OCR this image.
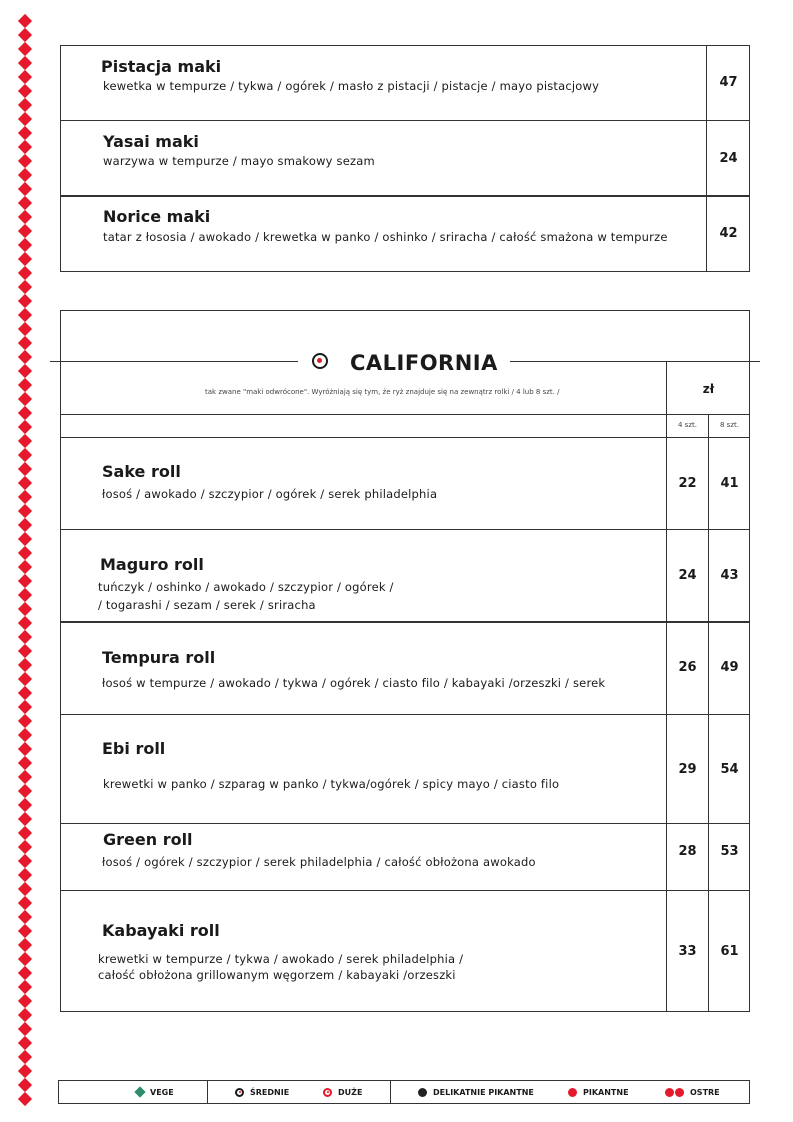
Pistacja maki
kewetka w tempurze / tykwa / ogórek / masło z pistacji / pistacje / mayo pistacjowy	47
Yasai maki
warzywa w tempurze / mayo smakowy sezam	24
Norice maki
tatar z łososia / awokado / krewetka w panko / oshinko / sriracha / całość smażona w tempurze	42
CALIFORNIA
tak zwane "maki odwrócone". Wyróżniają się tym, że ryż znajduje się na zewnątrz rolki / 4 lub 8 szt. /	zł
4 szt.	8 szt.
Sake roll
łosoś / awokado / szczypior / ogórek / serek philadelphia
22	41
Maguro roll
tuńczyk / oshinko / awokado / szczypior / ogórek /
/ togarashi / sezam / serek / sriracha
24	43
Tempura roll
łosoś w tempurze / awokado / tykwa / ogórek / ciasto filo / kabayaki /orzeszki / serek
26	49
Ebi roll
krewetki w panko / szparag w panko / tykwa/ogórek / spicy mayo / ciasto filo
29	54
Green roll
łosoś / ogórek / szczypior / serek philadelphia / całość obłożona awokado
28	53
Kabayaki roll
krewetki w tempurze / tykwa / awokado / serek philadelphia /
całość obłożona grillowanym węgorzem / kabayaki /orzeszki
33	61
VEGE	ŚREDNIE	DUŻE	DELIKATNIE PIKANTNE	PIKANTNE	OSTRE
